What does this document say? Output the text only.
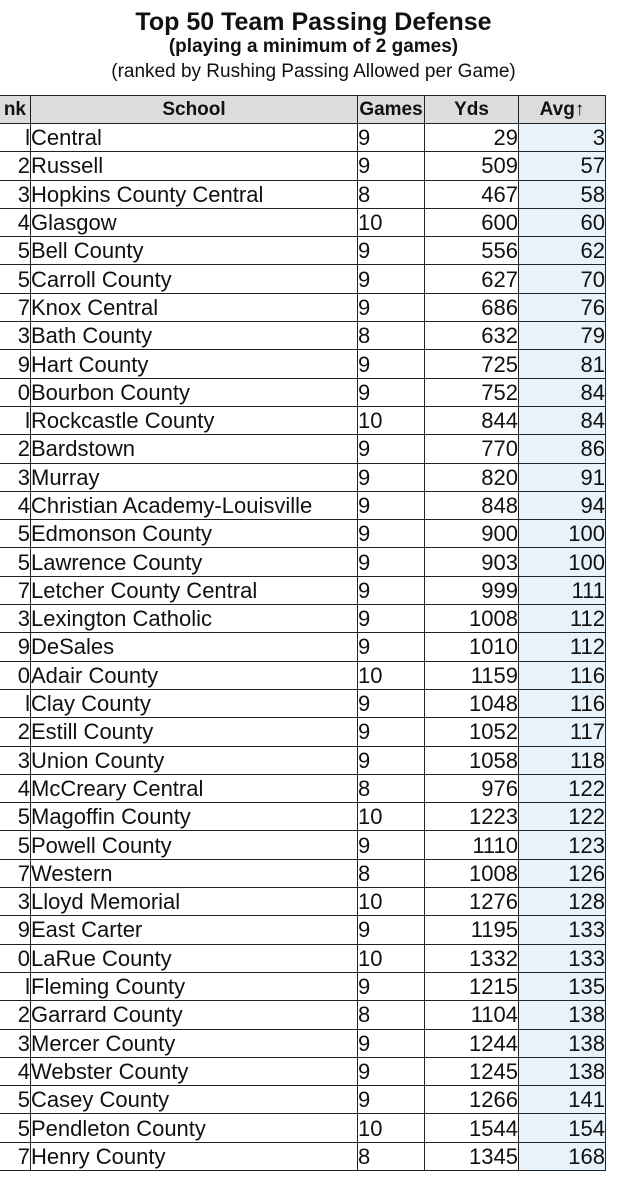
Top 50 Team Passing Defense
(playing a minimum of 2 games)
(ranked by Rushing Passing Allowed per Game)
nk	School	Games	Yds	Avg↑
l	Central	9	29	3
2	Russell	9	509	57
3	Hopkins County Central	8	467	58
4	Glasgow	10	600	60
5	Bell County	9	556	62
5	Carroll County	9	627	70
7	Knox Central	9	686	76
3	Bath County	8	632	79
9	Hart County	9	725	81
0	Bourbon County	9	752	84
l	Rockcastle County	10	844	84
2	Bardstown	9	770	86
3	Murray	9	820	91
4	Christian Academy-Louisville	9	848	94
5	Edmonson County	9	900	100
5	Lawrence County	9	903	100
7	Letcher County Central	9	999	111
3	Lexington Catholic	9	1008	112
9	DeSales	9	1010	112
0	Adair County	10	1159	116
l	Clay County	9	1048	116
2	Estill County	9	1052	117
3	Union County	9	1058	118
4	McCreary Central	8	976	122
5	Magoffin County	10	1223	122
5	Powell County	9	1110	123
7	Western	8	1008	126
3	Lloyd Memorial	10	1276	128
9	East Carter	9	1195	133
0	LaRue County	10	1332	133
l	Fleming County	9	1215	135
2	Garrard County	8	1104	138
3	Mercer County	9	1244	138
4	Webster County	9	1245	138
5	Casey County	9	1266	141
5	Pendleton County	10	1544	154
7	Henry County	8	1345	168
